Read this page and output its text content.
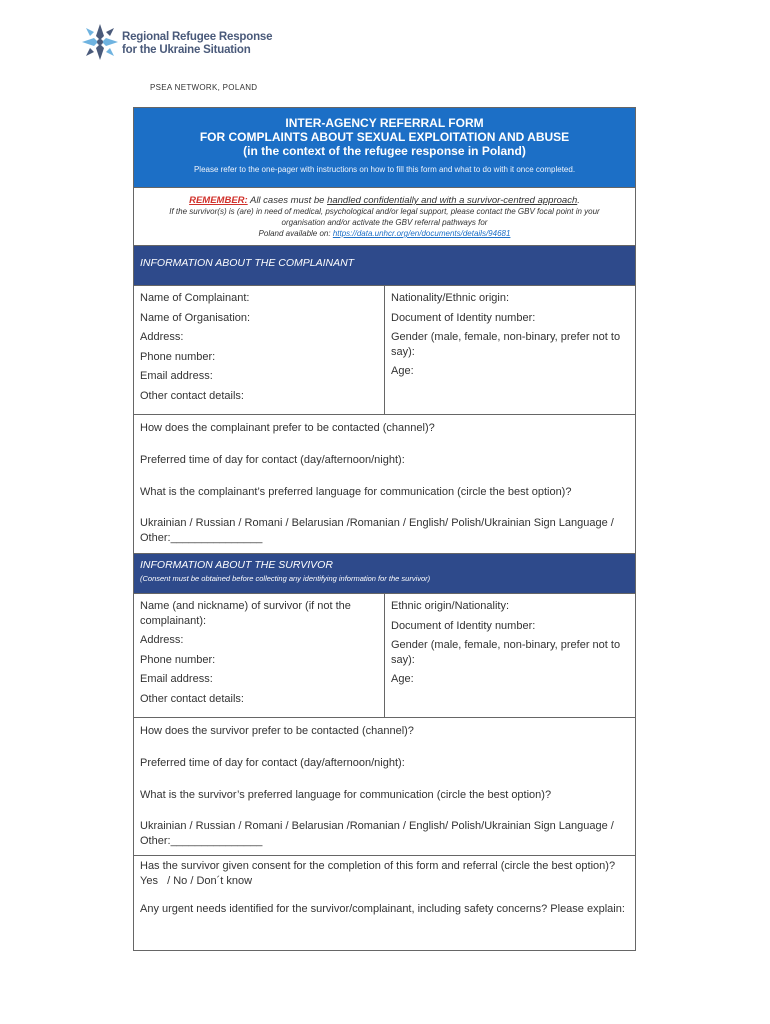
Regional Refugee Response
for the Ukraine Situation
PSEA NETWORK, POLAND
INTER-AGENCY REFERRAL FORM
FOR COMPLAINTS ABOUT SEXUAL EXPLOITATION AND ABUSE
(in the context of the refugee response in Poland)
Please refer to the one-pager with instructions on how to fill this form and what to do with it once completed.
REMEMBER: All cases must be handled confidentially and with a survivor-centred approach.
If the survivor(s) is (are) in need of medical, psychological and/or legal support, please contact the GBV focal point in your
organisation and/or activate the GBV referral pathways for
Poland available on: https://data.unhcr.org/en/documents/details/94681
INFORMATION ABOUT THE COMPLAINANT
Name of Complainant:
Name of Organisation:
Address:
Phone number:
Email address:
Other contact details:
Nationality/Ethnic origin:
Document of Identity number:
Gender (male, female, non-binary, prefer not to say):
Age:
How does the complainant prefer to be contacted (channel)?
Preferred time of day for contact (day/afternoon/night):
What is the complainant’s preferred language for communication (circle the best option)?
Ukrainian / Russian / Romani / Belarusian /Romanian / English/ Polish/Ukrainian Sign Language / Other:_______________
INFORMATION ABOUT THE SURVIVOR
(Consent must be obtained before collecting any identifying information for the survivor)
Name (and nickname) of survivor (if not the complainant):
Address:
Phone number:
Email address:
Other contact details:
Ethnic origin/Nationality:
Document of Identity number:
Gender (male, female, non-binary, prefer not to say):
Age:
How does the survivor prefer to be contacted (channel)?
Preferred time of day for contact (day/afternoon/night):
What is the survivor’s preferred language for communication (circle the best option)?
Ukrainian / Russian / Romani / Belarusian /Romanian / English/ Polish/Ukrainian Sign Language / Other:_______________
Has the survivor given consent for the completion of this form and referral (circle the best option)?
Yes   / No / Don´t know
Any urgent needs identified for the survivor/complainant, including safety concerns? Please explain:
